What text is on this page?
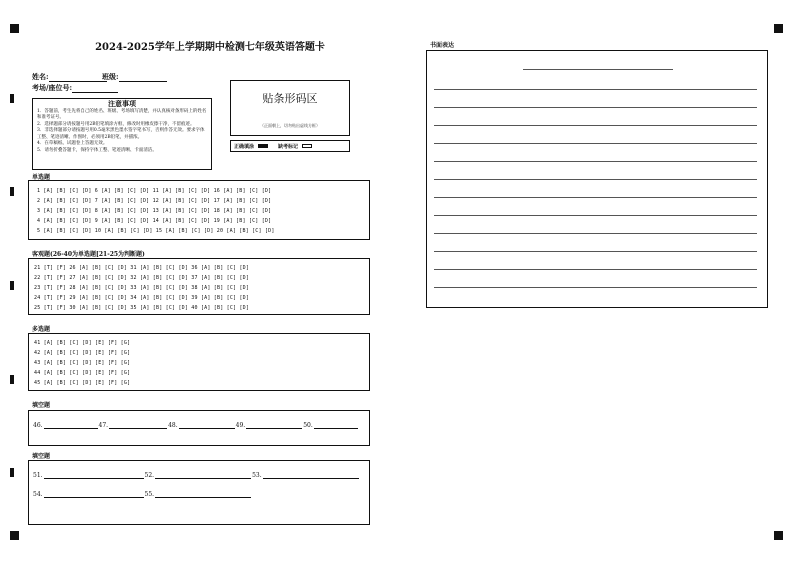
2024-2025学年上学期期中检测七年级英语答题卡
姓名:	班级:
考场/座位号:
注意事项
1．答题前，考生先将自己的姓名、班级、考场填写清楚，并认真核对条形码上的姓名和准考证号。
2．选择题部分请按题号用2B铅笔填涂方框，修改时用橡皮擦干净，不留痕迹。
3．非选择题部分请按题号用0.5毫米黑色墨水签字笔书写，否则作答无效。要求字体工整、笔迹清晰。作图时，必须用2B铅笔，并描浓。
4．在草稿纸、试题卷上答题无效。
5．请勿折叠答题卡，保持字体工整、笔迹清晰、卡面清洁。
贴条形码区
（正面朝上，切勿贴出虚线方框）
正确填涂	缺考标记
单选题
1 [A] [B] [C] [D] 6 [A] [B] [C] [D] 11 [A] [B] [C] [D] 16 [A] [B] [C] [D]
2 [A] [B] [C] [D] 7 [A] [B] [C] [D] 12 [A] [B] [C] [D] 17 [A] [B] [C] [D]
3 [A] [B] [C] [D] 8 [A] [B] [C] [D] 13 [A] [B] [C] [D] 18 [A] [B] [C] [D]
4 [A] [B] [C] [D] 9 [A] [B] [C] [D] 14 [A] [B] [C] [D] 19 [A] [B] [C] [D]
5 [A] [B] [C] [D] 10 [A] [B] [C] [D] 15 [A] [B] [C] [D] 20 [A] [B] [C] [D]
客观题(26-40为单选题[21-25为判断题)
21 [T] [F] 26 [A] [B] [C] [D] 31 [A] [B] [C] [D] 36 [A] [B] [C] [D]
22 [T] [F] 27 [A] [B] [C] [D] 32 [A] [B] [C] [D] 37 [A] [B] [C] [D]
23 [T] [F] 28 [A] [B] [C] [D] 33 [A] [B] [C] [D] 38 [A] [B] [C] [D]
24 [T] [F] 29 [A] [B] [C] [D] 34 [A] [B] [C] [D] 39 [A] [B] [C] [D]
25 [T] [F] 30 [A] [B] [C] [D] 35 [A] [B] [C] [D] 40 [A] [B] [C] [D]
多选题
41 [A] [B] [C] [D] [E] [F] [G]
42 [A] [B] [C] [D] [E] [F] [G]
43 [A] [B] [C] [D] [E] [F] [G]
44 [A] [B] [C] [D] [E] [F] [G]
45 [A] [B] [C] [D] [E] [F] [G]
填空题
46.	47.	48.	49.	50.
填空题
51.	52.	53.
54.	55.
书面表达
